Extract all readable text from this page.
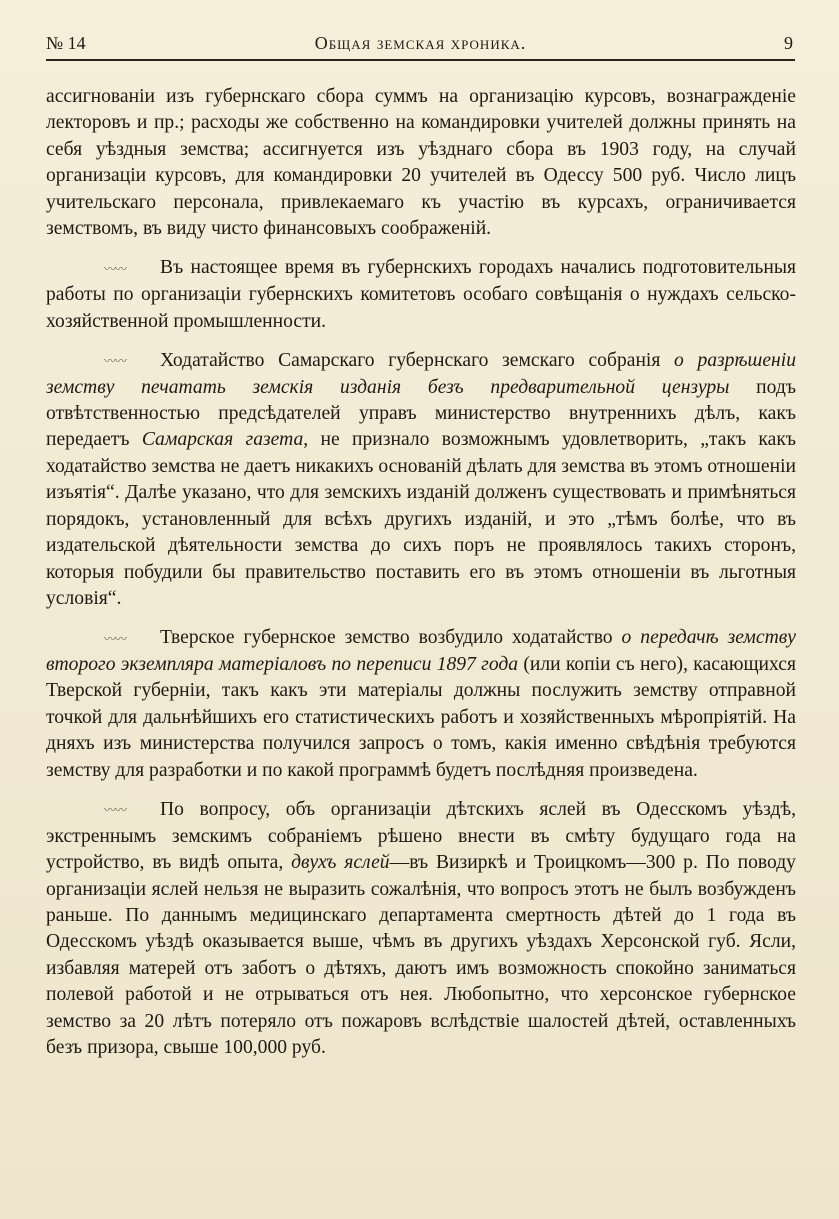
№ 14	Общая земская хроника.	9

ассигнованіи изъ губернскаго сбора суммъ на организацію курсовъ, вознагражденіе лекторовъ и пр.; расходы же собственно на командировки учителей должны принять на себя уѣздныя земства; ассигнуется изъ уѣзднаго сбора въ 1903 году, на случай организаціи курсовъ, для командировки 20 учителей въ Одессу 500 руб. Число лицъ учительскаго персонала, привлекаемаго къ участію въ курсахъ, ограничивается земствомъ, въ виду чисто финансовыхъ соображеній.

〰〰 Въ настоящее время въ губернскихъ городахъ начались подготовительныя работы по организаціи губернскихъ комитетовъ особаго совѣщанія о нуждахъ сельско-хозяйственной промышленности.

〰〰 Ходатайство Самарскаго губернскаго земскаго собранія о разрѣшеніи земству печатать земскія изданія безъ предварительной цензуры подъ отвѣтственностью предсѣдателей управъ министерство внутреннихъ дѣлъ, какъ передаетъ Самарская газета, не признало возможнымъ удовлетворить, „такъ какъ ходатайство земства не даетъ никакихъ основаній дѣлать для земства въ этомъ отношеніи изъятія“. Далѣе указано, что для земскихъ изданій долженъ существовать и примѣняться порядокъ, установленный для всѣхъ другихъ изданій, и это „тѣмъ болѣе, что въ издательской дѣятельности земства до сихъ поръ не проявлялось такихъ сторонъ, которыя побудили бы правительство поставить его въ этомъ отношеніи въ льготныя условія“.

〰〰 Тверское губернское земство возбудило ходатайство о передачѣ земству второго экземпляра матеріаловъ по переписи 1897 года (или копіи съ него), касающихся Тверской губерніи, такъ какъ эти матеріалы должны послужить земству отправной точкой для дальнѣйшихъ его статистическихъ работъ и хозяйственныхъ мѣропріятій. На дняхъ изъ министерства получился запросъ о томъ, какія именно свѣдѣнія требуются земству для разработки и по какой программѣ будетъ послѣдняя произведена.

〰〰 По вопросу, объ организаціи дѣтскихъ яслей въ Одесскомъ уѣздѣ, экстреннымъ земскимъ собраніемъ рѣшено внести въ смѣту будущаго года на устройство, въ видѣ опыта, двухъ яслей—въ Визиркѣ и Троицкомъ—300 р. По поводу организаціи яслей нельзя не выразить сожалѣнія, что вопросъ этотъ не былъ возбужденъ раньше. По даннымъ медицинскаго департамента смертность дѣтей до 1 года въ Одесскомъ уѣздѣ оказывается выше, чѣмъ въ другихъ уѣздахъ Херсонской губ. Ясли, избавляя матерей отъ заботъ о дѣтяхъ, даютъ имъ возможность спокойно заниматься полевой работой и не отрываться отъ нея. Любопытно, что херсонское губернское земство за 20 лѣтъ потеряло отъ пожаровъ вслѣдствіе шалостей дѣтей, оставленныхъ безъ призора, свыше 100,000 руб.
